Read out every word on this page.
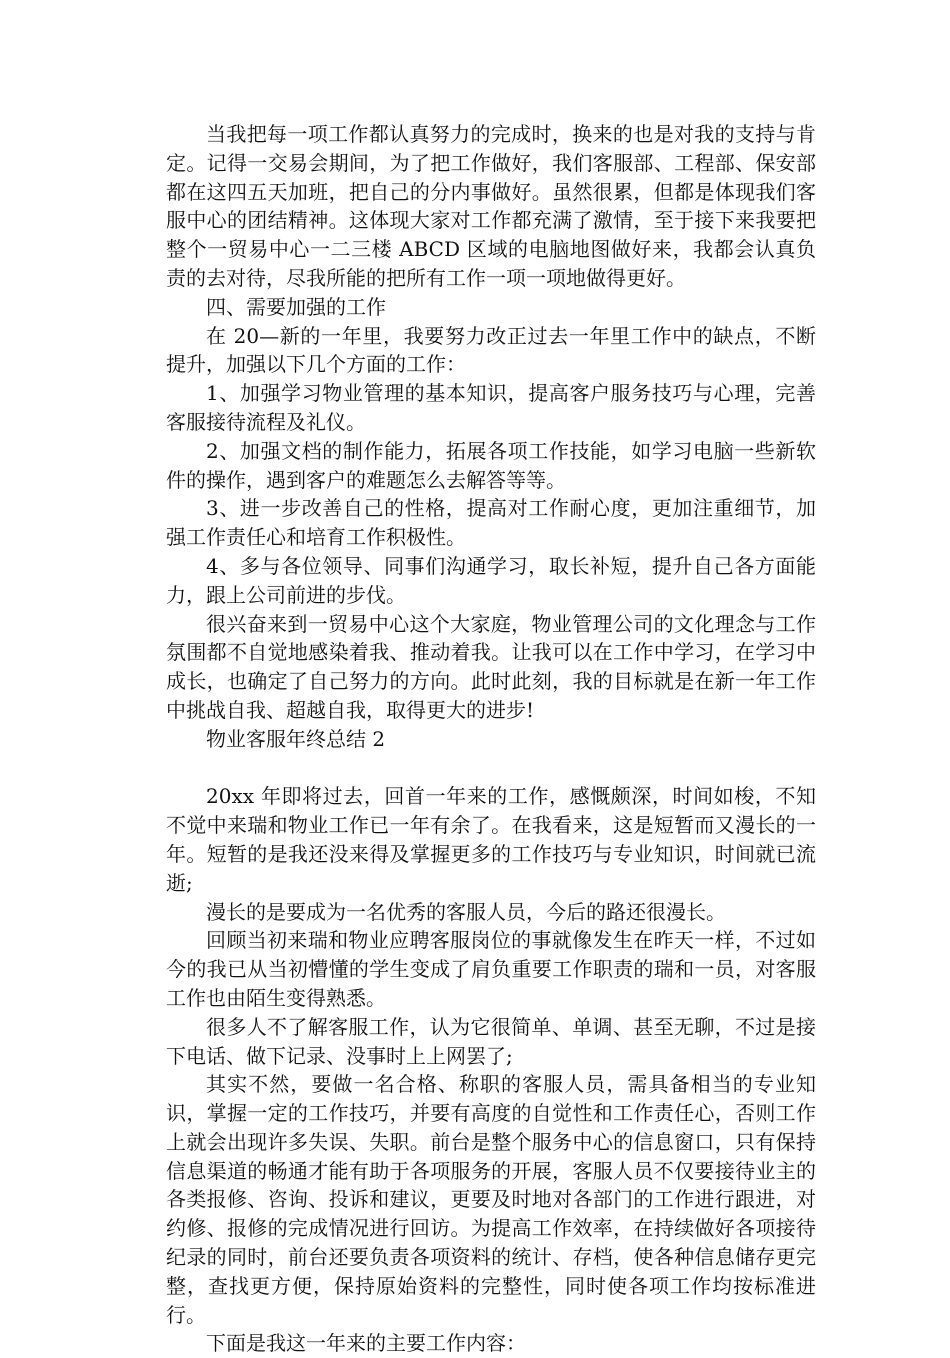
当我把每一项工作都认真努力的完成时，换来的也是对我的支持与肯定。记得一交易会期间，为了把工作做好，我们客服部、工程部、保安部都在这四五天加班，把自己的分内事做好。虽然很累，但都是体现我们客服中心的团结精神。这体现大家对工作都充满了激情，至于接下来我要把整个一贸易中心一二三楼 ABCD 区域的电脑地图做好来，我都会认真负责的去对待，尽我所能的把所有工作一项一项地做得更好。

四、需要加强的工作

在 20—新的一年里，我要努力改正过去一年里工作中的缺点，不断提升，加强以下几个方面的工作：

1、加强学习物业管理的基本知识，提高客户服务技巧与心理，完善客服接待流程及礼仪。

2、加强文档的制作能力，拓展各项工作技能，如学习电脑一些新软件的操作，遇到客户的难题怎么去解答等等。

3、进一步改善自己的性格，提高对工作耐心度，更加注重细节，加强工作责任心和培育工作积极性。

4、多与各位领导、同事们沟通学习，取长补短，提升自己各方面能力，跟上公司前进的步伐。

很兴奋来到一贸易中心这个大家庭，物业管理公司的文化理念与工作氛围都不自觉地感染着我、推动着我。让我可以在工作中学习，在学习中成长，也确定了自己努力的方向。此时此刻，我的目标就是在新一年工作中挑战自我、超越自我，取得更大的进步!

物业客服年终总结 2

20xx 年即将过去，回首一年来的工作，感慨颇深，时间如梭，不知不觉中来瑞和物业工作已一年有余了。在我看来，这是短暂而又漫长的一年。短暂的是我还没来得及掌握更多的工作技巧与专业知识，时间就已流逝;

漫长的是要成为一名优秀的客服人员，今后的路还很漫长。

回顾当初来瑞和物业应聘客服岗位的事就像发生在昨天一样，不过如今的我已从当初懵懂的学生变成了肩负重要工作职责的瑞和一员，对客服工作也由陌生变得熟悉。

很多人不了解客服工作，认为它很简单、单调、甚至无聊，不过是接下电话、做下记录、没事时上上网罢了;

其实不然，要做一名合格、称职的客服人员，需具备相当的专业知识，掌握一定的工作技巧，并要有高度的自觉性和工作责任心，否则工作上就会出现许多失误、失职。前台是整个服务中心的信息窗口，只有保持信息渠道的畅通才能有助于各项服务的开展，客服人员不仅要接待业主的各类报修、咨询、投诉和建议，更要及时地对各部门的工作进行跟进，对约修、报修的完成情况进行回访。为提高工作效率，在持续做好各项接待纪录的同时，前台还要负责各项资料的统计、存档，使各种信息储存更完整，查找更方便，保持原始资料的完整性，同时使各项工作均按标准进行。

下面是我这一年来的主要工作内容：
